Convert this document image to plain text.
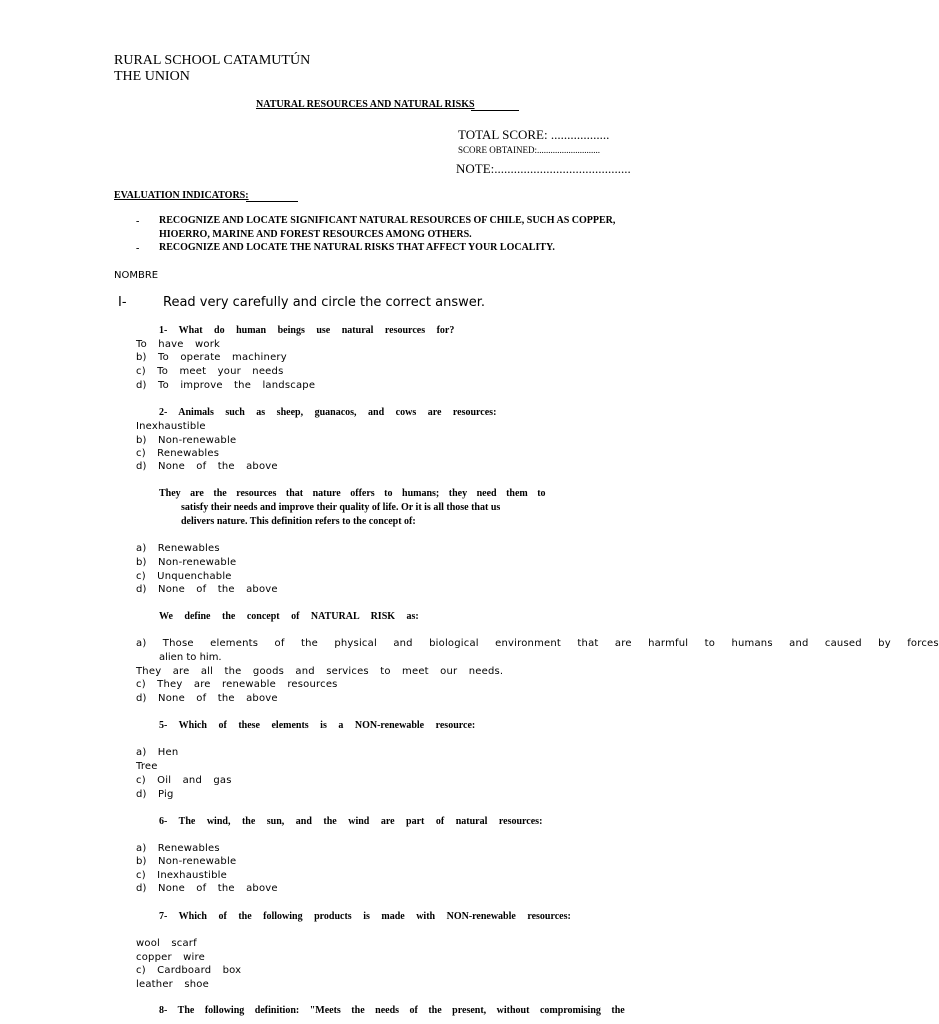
RURAL SCHOOL CATAMUTÚN
THE UNION
NATURAL RESOURCES AND NATURAL RISKS
TOTAL SCORE: ..................
SCORE OBTAINED:............................
NOTE:..........................................
EVALUATION INDICATORS:
- RECOGNIZE AND LOCATE SIGNIFICANT NATURAL RESOURCES OF CHILE, SUCH AS COPPER,
HIOERRO, MARINE AND FOREST RESOURCES AMONG OTHERS.
- RECOGNIZE AND LOCATE THE NATURAL RISKS THAT AFFECT YOUR LOCALITY.
NOMBRE
I-	Read very carefully and circle the correct answer.
1- What do human beings use natural resources for?
To have work
b) To operate machinery
c) To meet your needs
d) To improve the landscape
2- Animals such as sheep, guanacos, and cows are resources:
Inexhaustible
b) Non-renewable
c) Renewables
d) None of the above
They are the resources that nature offers to humans; they need them to
satisfy their needs and improve their quality of life. Or it is all those that us
delivers nature. This definition refers to the concept of:
a) Renewables
b) Non-renewable
c) Unquenchable
d) None of the above
We define the concept of NATURAL RISK as:
a) Those elements of the physical and biological environment that are harmful to humans and caused by forces
alien to him.
They are all the goods and services to meet our needs.
c) They are renewable resources
d) None of the above
5- Which of these elements is a NON-renewable resource:
a) Hen
Tree
c) Oil and gas
d) Pig
6- The wind, the sun, and the wind are part of natural resources:
a) Renewables
b) Non-renewable
c) Inexhaustible
d) None of the above
7- Which of the following products is made with NON-renewable resources:
wool scarf
copper wire
c) Cardboard box
leather shoe
8- The following definition: "Meets the needs of the present, without compromising the
